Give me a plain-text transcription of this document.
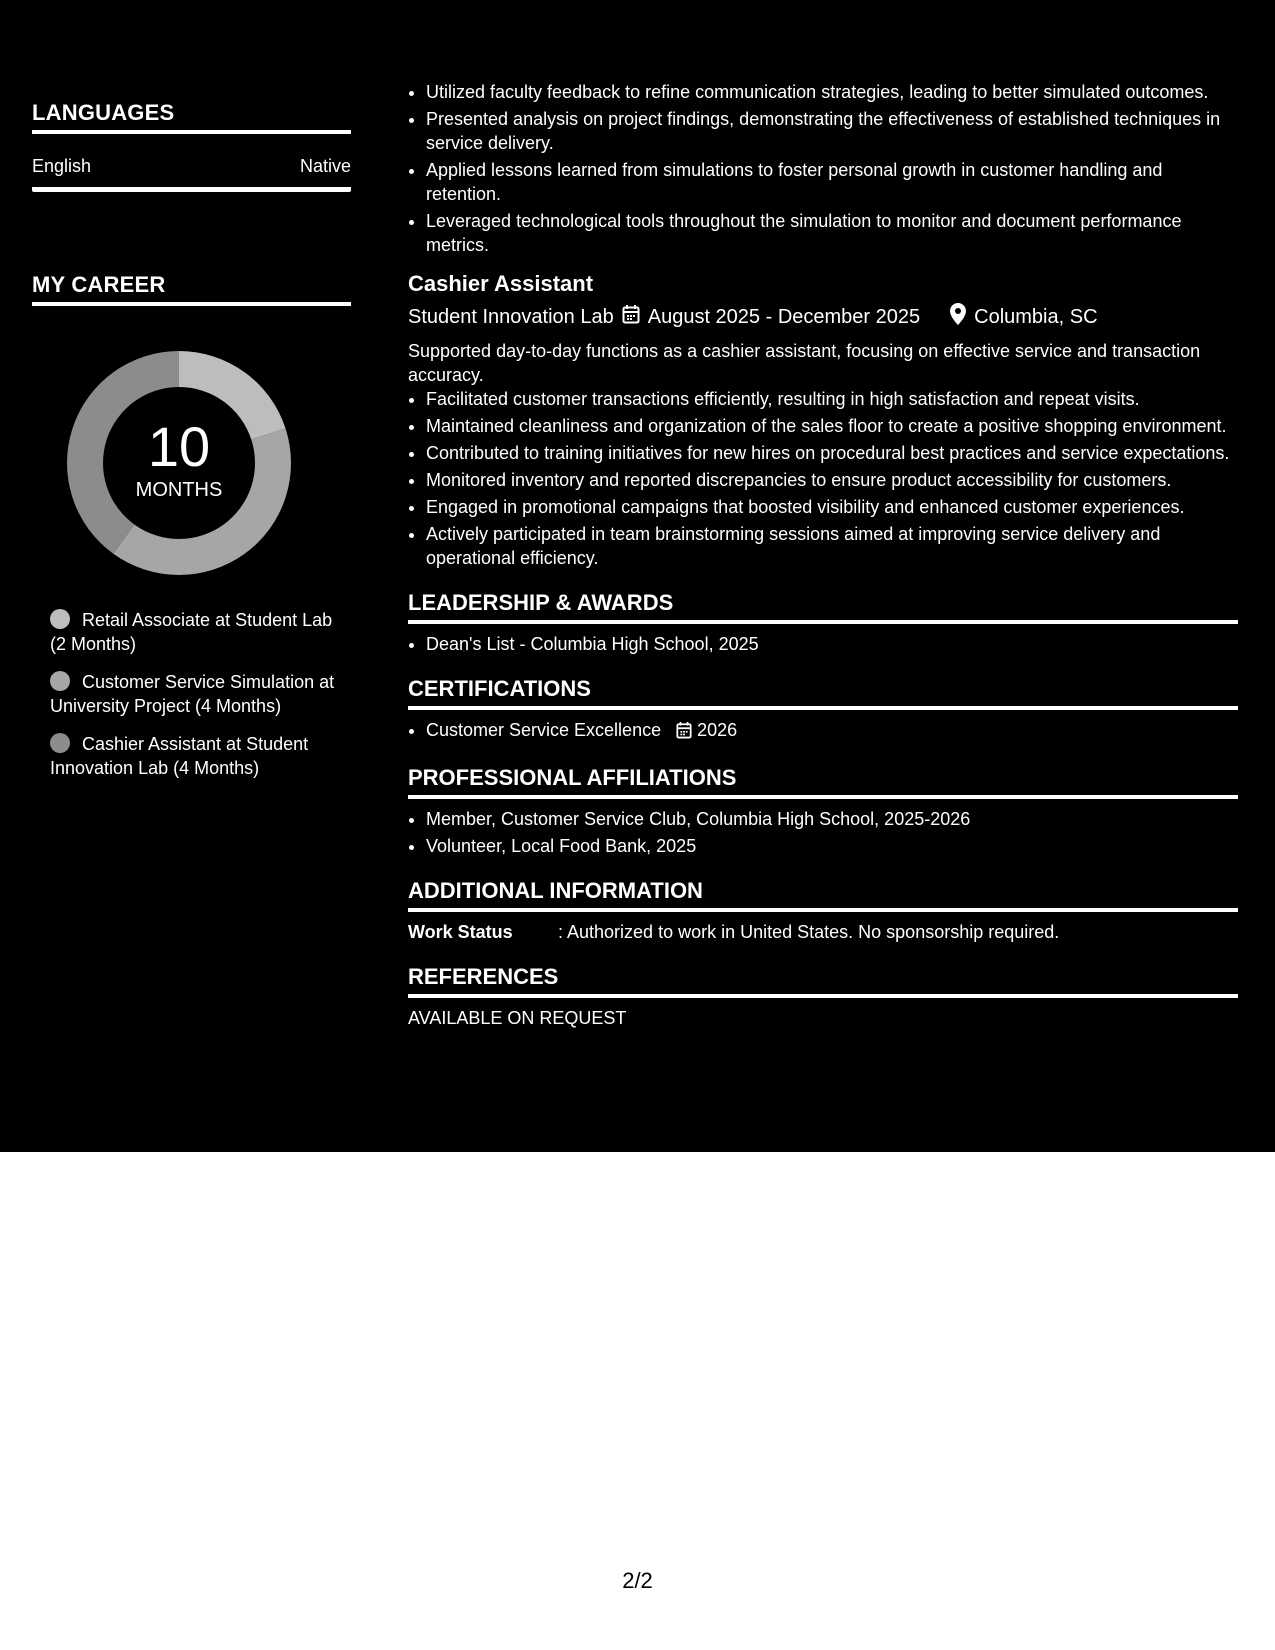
LANGUAGES
English	Native
MY CAREER
10
MONTHS
Retail Associate at Student Lab (2 Months)
Customer Service Simulation at University Project (4 Months)
Cashier Assistant at Student Innovation Lab (4 Months)
• Utilized faculty feedback to refine communication strategies, leading to better simulated outcomes.
• Presented analysis on project findings, demonstrating the effectiveness of established techniques in service delivery.
• Applied lessons learned from simulations to foster personal growth in customer handling and retention.
• Leveraged technological tools throughout the simulation to monitor and document performance metrics.
Cashier Assistant
Student Innovation Lab August 2025 - December 2025	Columbia, SC
Supported day-to-day functions as a cashier assistant, focusing on effective service and transaction accuracy.
• Facilitated customer transactions efficiently, resulting in high satisfaction and repeat visits.
• Maintained cleanliness and organization of the sales floor to create a positive shopping environment.
• Contributed to training initiatives for new hires on procedural best practices and service expectations.
• Monitored inventory and reported discrepancies to ensure product accessibility for customers.
• Engaged in promotional campaigns that boosted visibility and enhanced customer experiences.
• Actively participated in team brainstorming sessions aimed at improving service delivery and operational efficiency.
LEADERSHIP & AWARDS
• Dean's List - Columbia High School, 2025
CERTIFICATIONS
• Customer Service Excellence 2026
PROFESSIONAL AFFILIATIONS
• Member, Customer Service Club, Columbia High School, 2025-2026
• Volunteer, Local Food Bank, 2025
ADDITIONAL INFORMATION
Work Status	: Authorized to work in United States. No sponsorship required.
REFERENCES
AVAILABLE ON REQUEST
2/2
